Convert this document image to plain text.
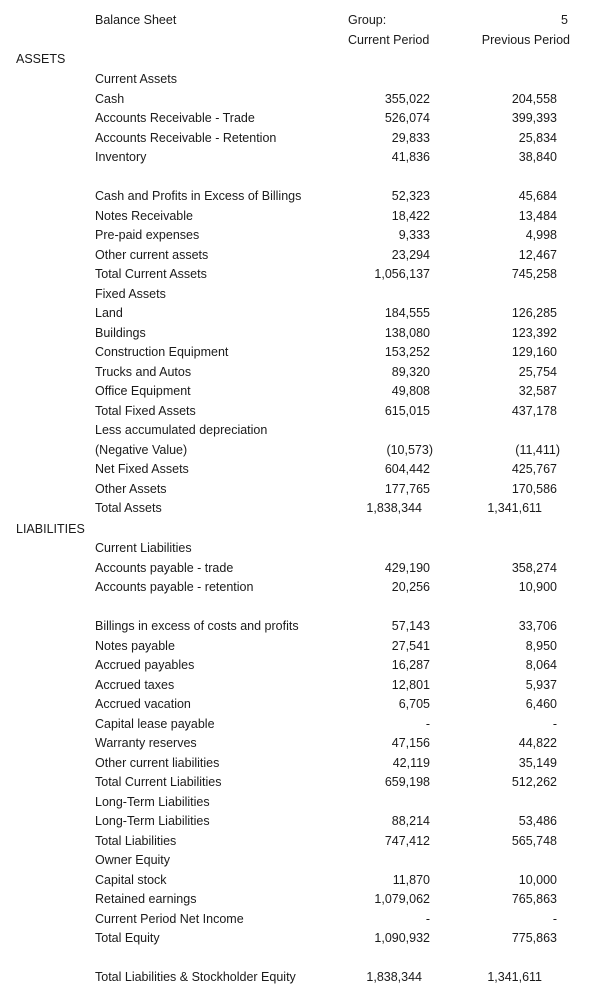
Balance Sheet	Group:	5
Current Period	Previous Period
ASSETS
Current Assets
Cash	355,022	204,558
Accounts Receivable - Trade	526,074	399,393
Accounts Receivable - Retention	29,833	25,834
Inventory	41,836	38,840
Cash and Profits in Excess of Billings	52,323	45,684
Notes Receivable	18,422	13,484
Pre-paid expenses	9,333	4,998
Other current assets	23,294	12,467
Total Current Assets	1,056,137	745,258
Fixed Assets
Land	184,555	126,285
Buildings	138,080	123,392
Construction Equipment	153,252	129,160
Trucks and Autos	89,320	25,754
Office Equipment	49,808	32,587
Total Fixed Assets	615,015	437,178
Less accumulated depreciation
(Negative Value)	(10,573)	(11,411)
Net Fixed Assets	604,442	425,767
Other Assets	177,765	170,586
Total Assets	1,838,344	1,341,611
Current Liabilities
Accounts payable - trade	429,190	358,274
Accounts payable - retention	20,256	10,900
Billings in excess of costs and profits	57,143	33,706
Notes payable	27,541	8,950
Accrued payables	16,287	8,064
Accrued taxes	12,801	5,937
Accrued vacation	6,705	6,460
Capital lease payable	-	-
Warranty reserves	47,156	44,822
Other current liabilities	42,119	35,149
Total Current Liabilities	659,198	512,262
Long-Term Liabilities
Long-Term Liabilities	88,214	53,486
Total Liabilities	747,412	565,748
Owner Equity
Capital stock	11,870	10,000
Retained earnings	1,079,062	765,863
Current Period Net Income	-	-
Total Equity	1,090,932	775,863
Total Liabilities & Stockholder Equity	1,838,344	1,341,611
LIABILITIES
